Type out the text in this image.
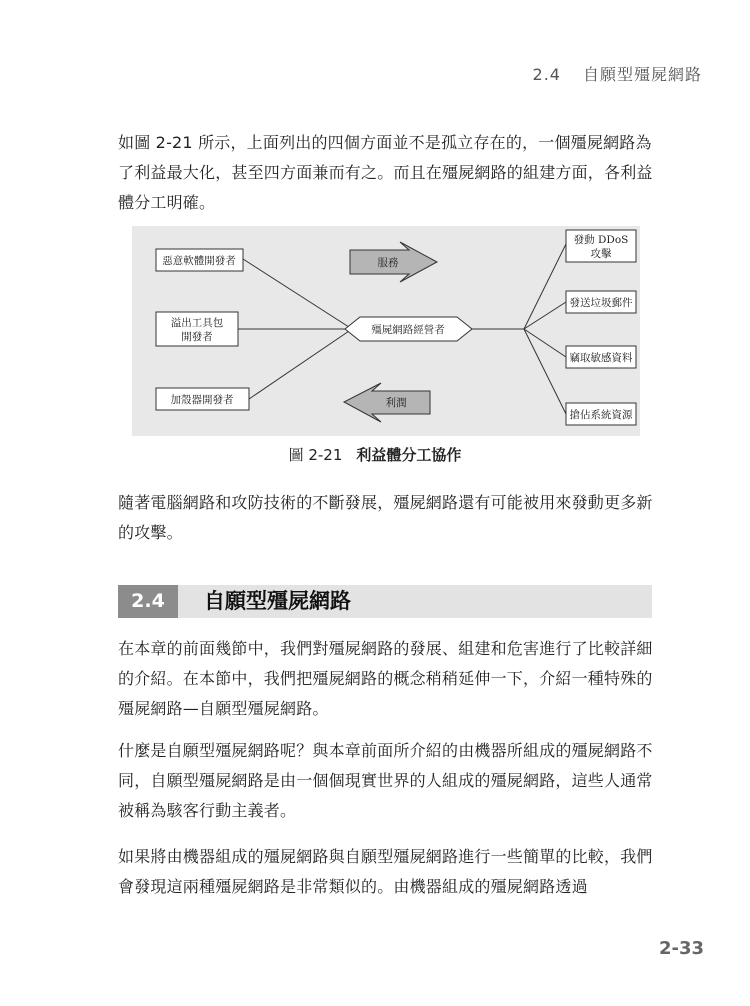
2.4 自願型殭屍網路

如圖 2-21 所示，上面列出的四個方面並不是孤立存在的，一個殭屍網路為了利益最大化，甚至四方面兼而有之。而且在殭屍網路的組建方面，各利益體分工明確。

惡意軟體開發者
溢出工具包
開發者
加殼器開發者
殭屍網路經營者
服務
利潤
發動 DDoS
攻擊
發送垃圾郵件
竊取敏感資料
搶佔系統資源
圖 2-21 利益體分工協作

隨著電腦網路和攻防技術的不斷發展，殭屍網路還有可能被用來發動更多新的攻擊。

2.4	自願型殭屍網路

在本章的前面幾節中，我們對殭屍網路的發展、組建和危害進行了比較詳細的介紹。在本節中，我們把殭屍網路的概念稍稍延伸一下，介紹一種特殊的殭屍網路—自願型殭屍網路。

什麼是自願型殭屍網路呢？與本章前面所介紹的由機器所組成的殭屍網路不同，自願型殭屍網路是由一個個現實世界的人組成的殭屍網路，這些人通常被稱為駭客行動主義者。

如果將由機器組成的殭屍網路與自願型殭屍網路進行一些簡單的比較，我們會發現這兩種殭屍網路是非常類似的。由機器組成的殭屍網路透過

2-33
